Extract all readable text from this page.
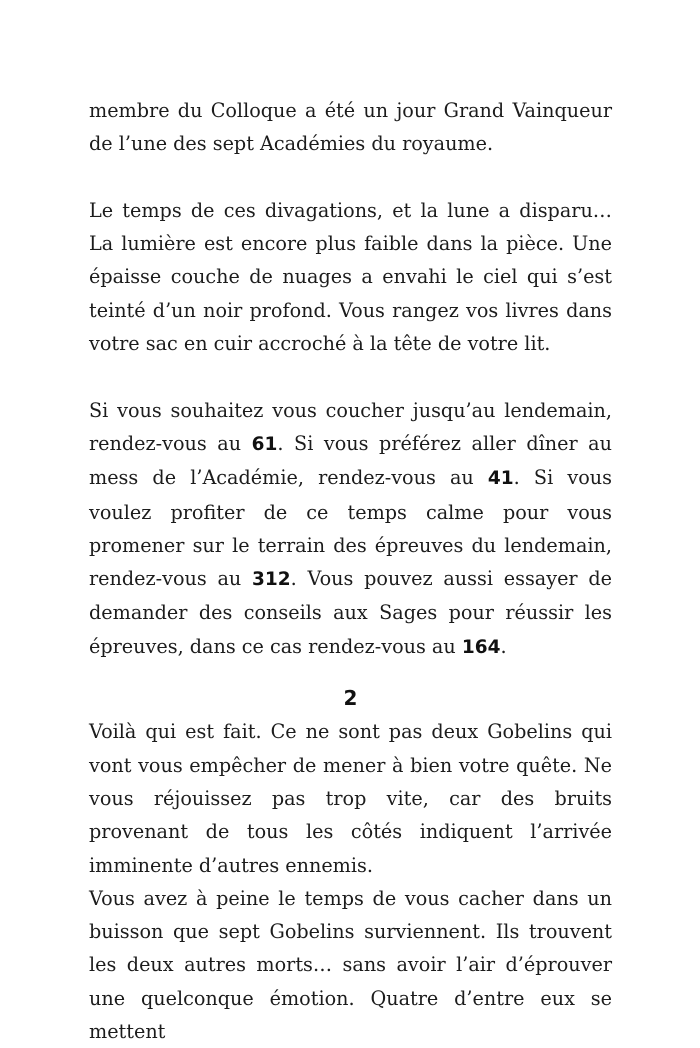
membre du Colloque a été un jour Grand Vainqueur de l’une des sept Académies du royaume.

Le temps de ces divagations, et la lune a disparu… La lumière est encore plus faible dans la pièce. Une épaisse couche de nuages a envahi le ciel qui s’est teinté d’un noir profond. Vous rangez vos livres dans votre sac en cuir accroché à la tête de votre lit.

Si vous souhaitez vous coucher jusqu’au lendemain, rendez-vous au 61. Si vous préférez aller dîner au mess de l’Académie, rendez-vous au 41. Si vous voulez profiter de ce temps calme pour vous promener sur le terrain des épreuves du lendemain, rendez-vous au 312. Vous pouvez aussi essayer de demander des conseils aux Sages pour réussir les épreuves, dans ce cas rendez-vous au 164.

2

Voilà qui est fait. Ce ne sont pas deux Gobelins qui vont vous empêcher de mener à bien votre quête. Ne vous réjouissez pas trop vite, car des bruits provenant de tous les côtés indiquent l’arrivée imminente d’autres ennemis.

Vous avez à peine le temps de vous cacher dans un buisson que sept Gobelins surviennent. Ils trouvent les deux autres morts… sans avoir l’air d’éprouver une quelconque émotion. Quatre d’entre eux se mettent
